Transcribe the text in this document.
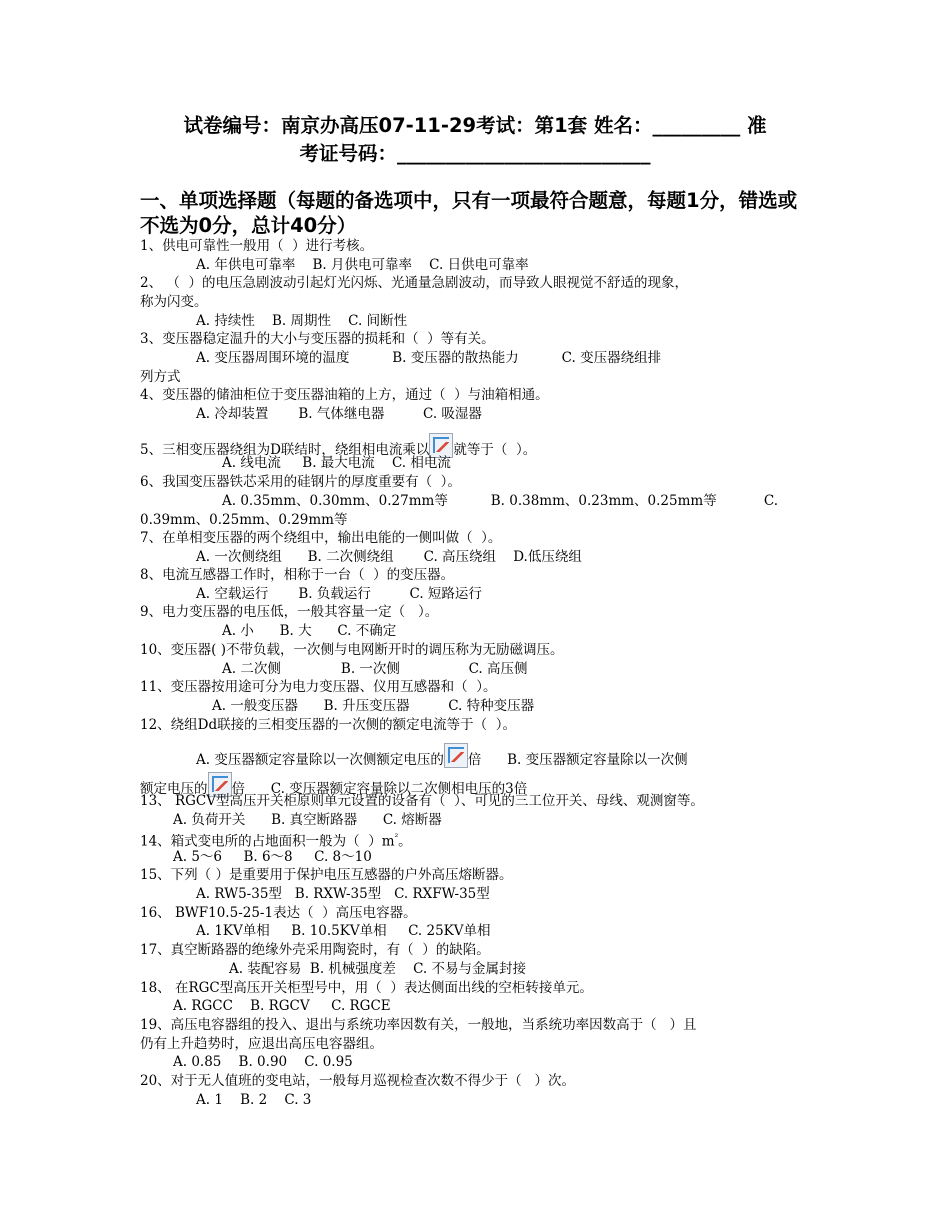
试卷编号：南京办高压07-11-29考试：第1套 姓名：_________ 准
考证号码：__________________________
一、单项选择题（每题的备选项中，只有一项最符合题意，每题1分，错选或不选为0分，总计40分）
1、供电可靠性一般用（  ）进行考核。
A. 年供电可靠率    B. 月供电可靠率    C. 日供电可靠率
2、 （  ）的电压急剧波动引起灯光闪烁、光通量急剧波动，而导致人眼视觉不舒适的现象，
称为闪变。
A. 持续性    B. 周期性    C. 间断性
3、变压器稳定温升的大小与变压器的损耗和（  ）等有关。
A. 变压器周围环境的温度          B. 变压器的散热能力          C. 变压器绕组排
列方式
4、变压器的储油柜位于变压器油箱的上方，通过（  ）与油箱相通。
A. 冷却装置       B. 气体继电器         C. 吸湿器
5、三相变压器绕组为D联结时，绕组相电流乘以 就等于（  ）。
A. 线电流     B. 最大电流    C. 相电流
6、我国变压器铁芯采用的硅钢片的厚度重要有（  ）。
A. 0.35mm、0.30mm、0.27mm等          B. 0.38mm、0.23mm、0.25mm等           C.
0.39mm、0.25mm、0.29mm等
7、在单相变压器的两个绕组中，输出电能的一侧叫做（  ）。
A. 一次侧绕组      B. 二次侧绕组       C. 高压绕组    D.低压绕组
8、电流互感器工作时，相称于一台（  ）的变压器。
A. 空载运行       B. 负载运行         C. 短路运行
9、电力变压器的电压低，一般其容量一定（   ）。
A. 小      B. 大      C. 不确定
10、变压器( )不带负载，一次侧与电网断开时的调压称为无励磁调压。
A. 二次侧              B. 一次侧                C. 高压侧
11、变压器按用途可分为电力变压器、仪用互感器和（  ）。
A. 一般变压器      B. 升压变压器         C. 特种变压器
12、绕组Dd联接的三相变压器的一次侧的额定电流等于（  ）。
A. 变压器额定容量除以一次侧额定电压的 倍      B. 变压器额定容量除以一次侧
额定电压的 倍      C. 变压器额定容量除以二次侧相电压的3倍
13、 RGCV型高压开关柜原则单元设置的设备有（  ）、可见的三工位开关、母线、观测窗等。
A. 负荷开关      B. 真空断路器      C. 熔断器
14、箱式变电所的占地面积一般为（  ）$m^{^2}$。
A. 5～6     B. 6～8     C. 8～10
15、下列（ ）是重要用于保护电压互感器的户外高压熔断器。
A. RW5-35型   B. RXW-35型   C. RXFW-35型
16、 BWF10.5-25-1表达（  ）高压电容器。
A. 1KV单相     B. 10.5KV单相     C. 25KV单相
17、真空断路器的绝缘外壳采用陶瓷时，有（  ）的缺陷。
A. 装配容易  B. 机械强度差    C. 不易与金属封接
18、 在RGC型高压开关柜型号中，用（  ）表达侧面出线的空柜转接单元。
A. RGCC    B. RGCV     C. RGCE
19、高压电容器组的投入、退出与系统功率因数有关，一般地，当系统功率因数高于（   ）且
仍有上升趋势时，应退出高压电容器组。
A. 0.85    B. 0.90    C. 0.95
20、对于无人值班的变电站，一般每月巡视检查次数不得少于（   ）次。
A. 1    B. 2    C. 3
